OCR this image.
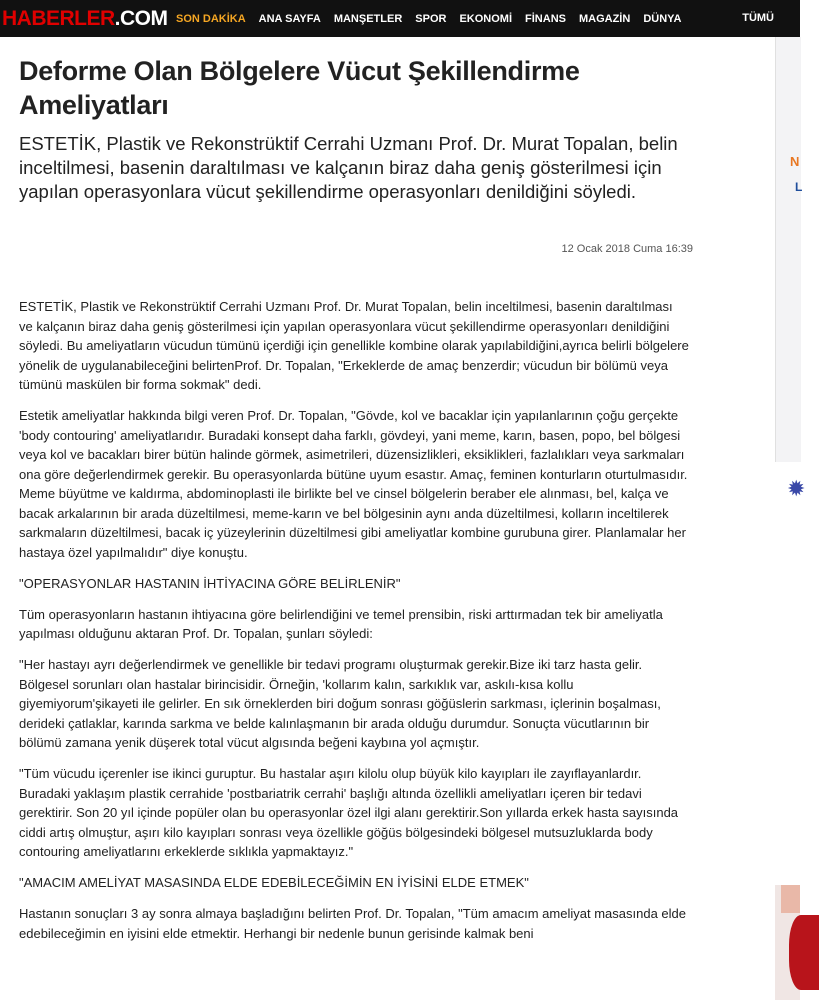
HABERLER.COM SON DAKİKA ANA SAYFA MANŞETLER SPOR EKONOMİ FİNANS MAGAZİN DÜNYA	TÜMÜ
N
L
✹
Deforme Olan Bölgelere Vücut Şekillendirme Ameliyatları

ESTETİK, Plastik ve Rekonstrüktif Cerrahi Uzmanı Prof. Dr. Murat Topalan, belin inceltilmesi, basenin daraltılması ve kalçanın biraz daha geniş gösterilmesi için yapılan operasyonlara vücut şekillendirme operasyonları denildiğini söyledi.

12 Ocak 2018 Cuma 16:39

ESTETİK, Plastik ve Rekonstrüktif Cerrahi Uzmanı Prof. Dr. Murat Topalan, belin inceltilmesi, basenin daraltılması ve kalçanın biraz daha geniş gösterilmesi için yapılan operasyonlara vücut şekillendirme operasyonları denildiğini söyledi. Bu ameliyatların vücudun tümünü içerdiği için genellikle kombine olarak yapılabildiğini,ayrıca belirli bölgelere yönelik de uygulanabileceğini belirtenProf. Dr. Topalan, "Erkeklerde de amaç benzerdir; vücudun bir bölümü veya tümünü maskülen bir forma sokmak" dedi.

Estetik ameliyatlar hakkında bilgi veren Prof. Dr. Topalan, "Gövde, kol ve bacaklar için yapılanlarının çoğu gerçekte 'body contouring' ameliyatlarıdır. Buradaki konsept daha farklı, gövdeyi, yani meme, karın, basen, popo, bel bölgesi veya kol ve bacakları birer bütün halinde görmek, asimetrileri, düzensizlikleri, eksiklikleri, fazlalıkları veya sarkmaları ona göre değerlendirmek gerekir. Bu operasyonlarda bütüne uyum esastır. Amaç, feminen konturların oturtulmasıdır. Meme büyütme ve kaldırma, abdominoplasti ile birlikte bel ve cinsel bölgelerin beraber ele alınması, bel, kalça ve bacak arkalarının bir arada düzeltilmesi, meme-karın ve bel bölgesinin aynı anda düzeltilmesi, kolların inceltilerek sarkmaların düzeltilmesi, bacak iç yüzeylerinin düzeltilmesi gibi ameliyatlar kombine gurubuna girer. Planlamalar her hastaya özel yapılmalıdır" diye konuştu.

"OPERASYONLAR HASTANIN İHTİYACINA GÖRE BELİRLENİR"

Tüm operasyonların hastanın ihtiyacına göre belirlendiğini ve temel prensibin, riski arttırmadan tek bir ameliyatla yapılması olduğunu aktaran Prof. Dr. Topalan, şunları söyledi:

"Her hastayı ayrı değerlendirmek ve genellikle bir tedavi programı oluşturmak gerekir.Bize iki tarz hasta gelir. Bölgesel sorunları olan hastalar birincisidir. Örneğin, 'kollarım kalın, sarkıklık var, askılı-kısa kollu giyemiyorum'şikayeti ile gelirler. En sık örneklerden biri doğum sonrası göğüslerin sarkması, içlerinin boşalması, derideki çatlaklar, karında sarkma ve belde kalınlaşmanın bir arada olduğu durumdur. Sonuçta vücutlarının bir bölümü zamana yenik düşerek total vücut algısında beğeni kaybına yol açmıştır.

"Tüm vücudu içerenler ise ikinci guruptur. Bu hastalar aşırı kilolu olup büyük kilo kayıpları ile zayıflayanlardır. Buradaki yaklaşım plastik cerrahide 'postbariatrik cerrahi' başlığı altında özellikli ameliyatları içeren bir tedavi gerektirir. Son 20 yıl içinde popüler olan bu operasyonlar özel ilgi alanı gerektirir.Son yıllarda erkek hasta sayısında ciddi artış olmuştur, aşırı kilo kayıpları sonrası veya özellikle göğüs bölgesindeki bölgesel mutsuzluklarda body contouring ameliyatlarını erkeklerde sıklıkla yapmaktayız."

"AMACIM AMELİYAT MASASINDA ELDE EDEBİLECEĞİMİN EN İYİSİNİ ELDE ETMEK"

Hastanın sonuçları 3 ay sonra almaya başladığını belirten Prof. Dr. Topalan, "Tüm amacım ameliyat masasında elde edebileceğimin en iyisini elde etmektir. Herhangi bir nedenle bunun gerisinde kalmak beni
